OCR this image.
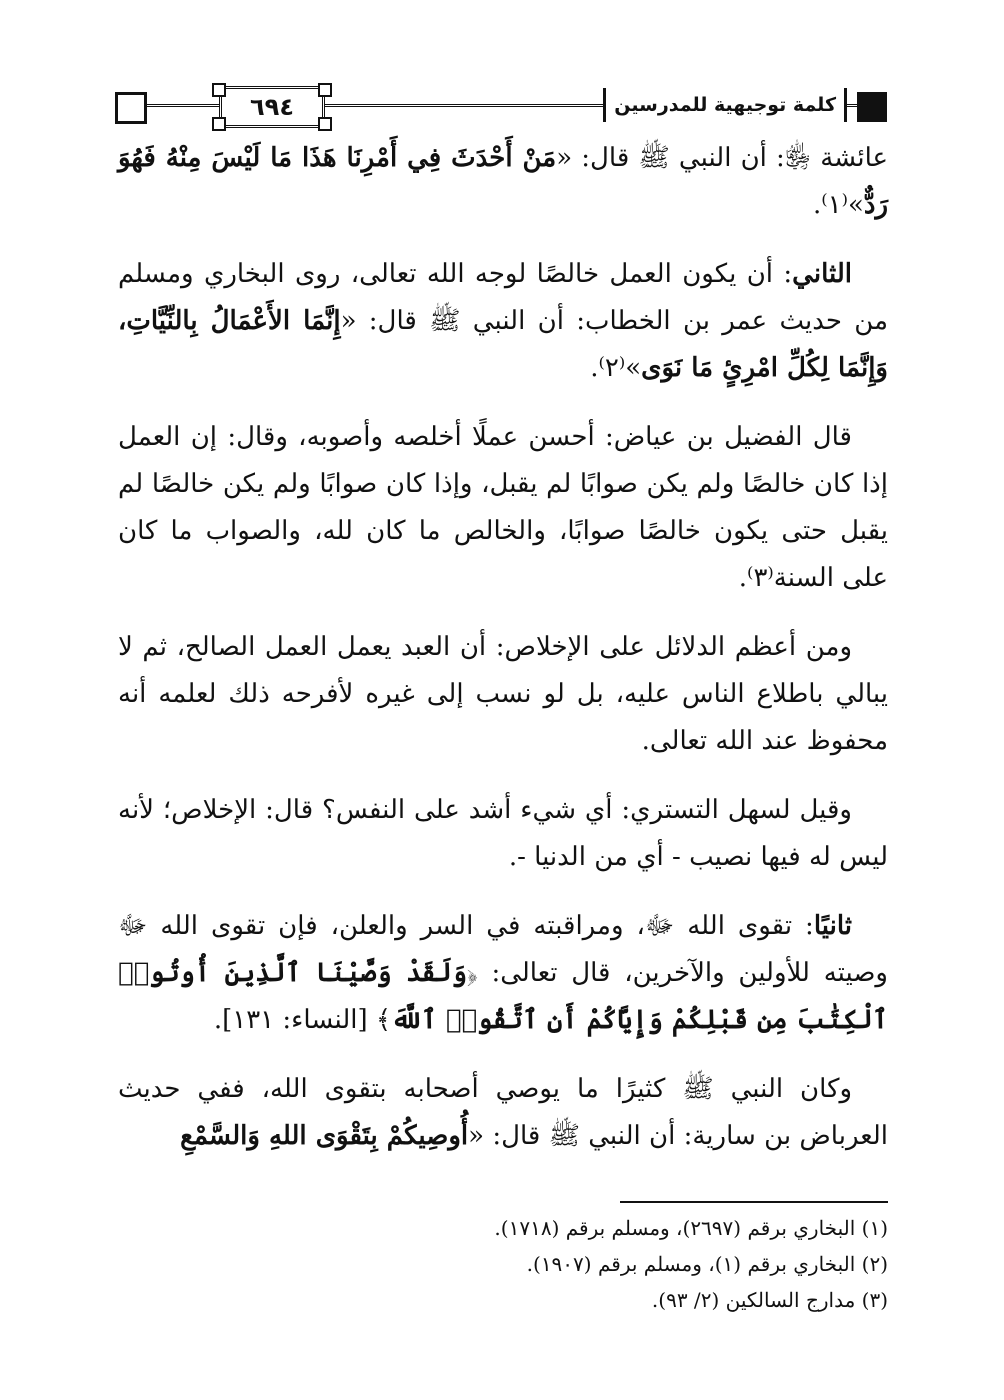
٦٩٤	كلمة توجيهية للمدرسين

عائشة ﵂: أن النبي ﷺ قال: «مَنْ أَحْدَثَ فِي أَمْرِنَا هَذَا مَا لَيْسَ مِنْهُ فَهُوَ رَدٌّ»⁽١⁾.

الثاني: أن يكون العمل خالصًا لوجه الله تعالى، روى البخاري ومسلم من حديث عمر بن الخطاب: أن النبي ﷺ قال: «إِنَّمَا الأَعْمَالُ بِالنِّيَّاتِ، وَإِنَّمَا لِكُلِّ امْرِئٍ مَا نَوَى»⁽٢⁾.

قال الفضيل بن عياض: أحسن عملًا أخلصه وأصوبه، وقال: إن العمل إذا كان خالصًا ولم يكن صوابًا لم يقبل، وإذا كان صوابًا ولم يكن خالصًا لم يقبل حتى يكون خالصًا صوابًا، والخالص ما كان لله، والصواب ما كان على السنة⁽٣⁾.

ومن أعظم الدلائل على الإخلاص: أن العبد يعمل العمل الصالح، ثم لا يبالي باطلاع الناس عليه، بل لو نسب إلى غيره لأفرحه ذلك لعلمه أنه محفوظ عند الله تعالى.

وقيل لسهل التستري: أي شيء أشد على النفس؟ قال: الإخلاص؛ لأنه ليس له فيها نصيب - أي من الدنيا -.

ثانيًا: تقوى الله ﷻ، ومراقبته في السر والعلن، فإن تقوى الله ﷻ وصيته للأولين والآخرين، قال تعالى: ﴿وَلَقَدْ وَصَّيْنَا ٱلَّذِينَ أُوتُوا۟ ٱلْكِتَٰبَ مِن قَبْلِكُمْ وَإِيَّاكُمْ أَنِ ٱتَّقُوا۟ ٱللَّهَ﴾ [النساء: ١٣١].

وكان النبي ﷺ كثيرًا ما يوصي أصحابه بتقوى الله، ففي حديث العرباض بن سارية: أن النبي ﷺ قال: «أُوصِيكُمْ بِتَقْوَى اللهِ وَالسَّمْعِ

(١) البخاري برقم (٢٦٩٧)، ومسلم برقم (١٧١٨).
(٢) البخاري برقم (١)، ومسلم برقم (١٩٠٧).
(٣) مدارج السالكين (٢/ ٩٣).
